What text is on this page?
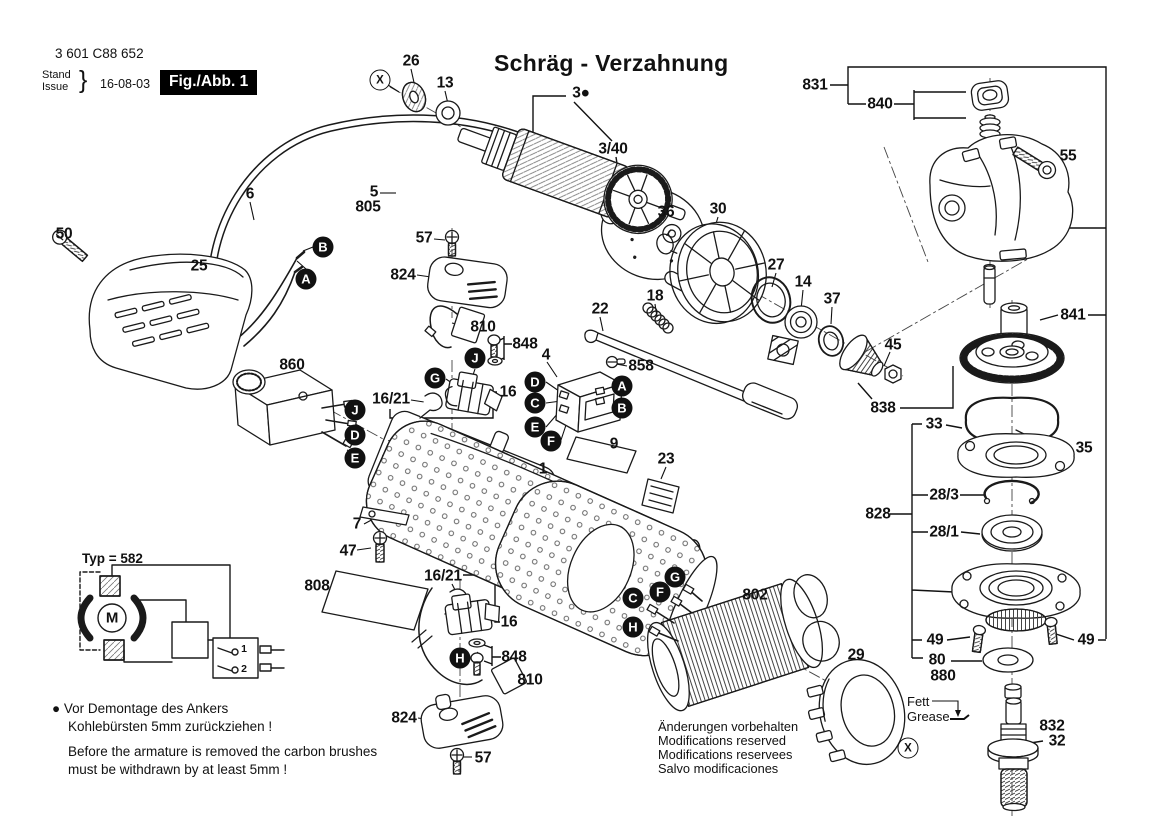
Schräg - Verzahnung
3 601 C88 652
Stand
Issue } 16-08-03	Fig./Abb. 1
Typ = 582
Fett
Grease
● Vor Demontage des Ankers
Kohlebürsten 5mm zurückziehen !
Before the armature is removed the carbon brushes
must be withdrawn by at least 5mm !
Änderungen vorbehalten
Modifications reserved
Modifications reservees
Salvo modificaciones
26
13
3●
3/40
36 30
27
14
37
45
55
831
840
841
838
33
35
28/3
828
28/1
49	49
80
880
832
32
29
802
5
805
6
57
824
810
848
16/21	16
4
858
22
18
9
23
1
7
47
808
50
25
860
16/21
16
848
810
824
57
M
1
2
B
A
J
D
E
J
G	D
C
E
F
A
B
G
F
C
H
H
X
X
